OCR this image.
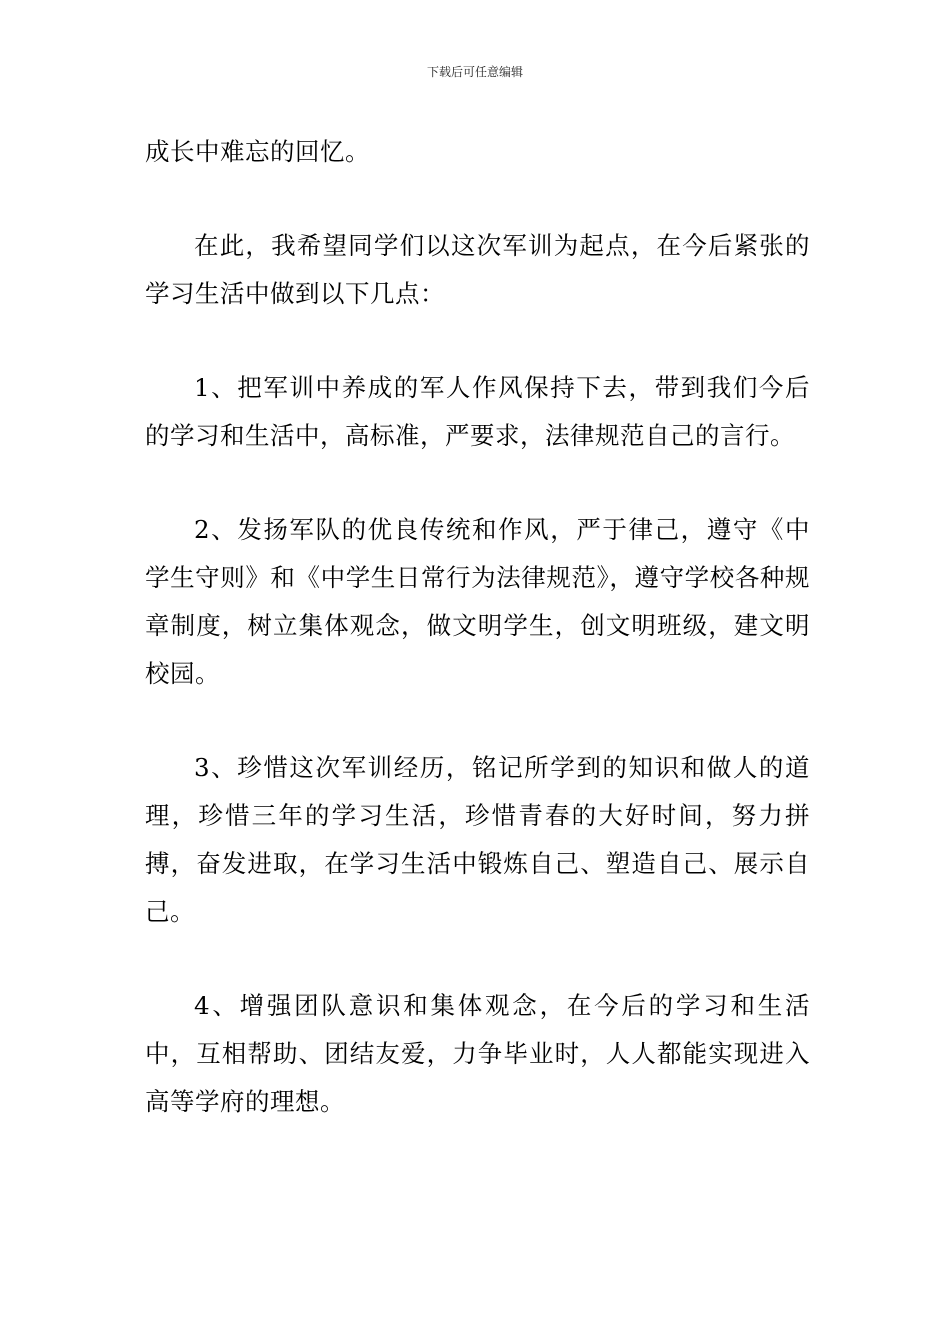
下载后可任意编辑

成长中难忘的回忆。

在此，我希望同学们以这次军训为起点，在今后紧张的学习生活中做到以下几点：

1、把军训中养成的军人作风保持下去，带到我们今后的学习和生活中，高标准，严要求，法律规范自己的言行。

2、发扬军队的优良传统和作风，严于律己，遵守《中学生守则》和《中学生日常行为法律规范》，遵守学校各种规章制度，树立集体观念，做文明学生，创文明班级，建文明校园。

3、珍惜这次军训经历，铭记所学到的知识和做人的道理，珍惜三年的学习生活，珍惜青春的大好时间，努力拼搏，奋发进取，在学习生活中锻炼自己、塑造自己、展示自己。

4、增强团队意识和集体观念，在今后的学习和生活中，互相帮助、团结友爱，力争毕业时，人人都能实现进入高等学府的理想。
